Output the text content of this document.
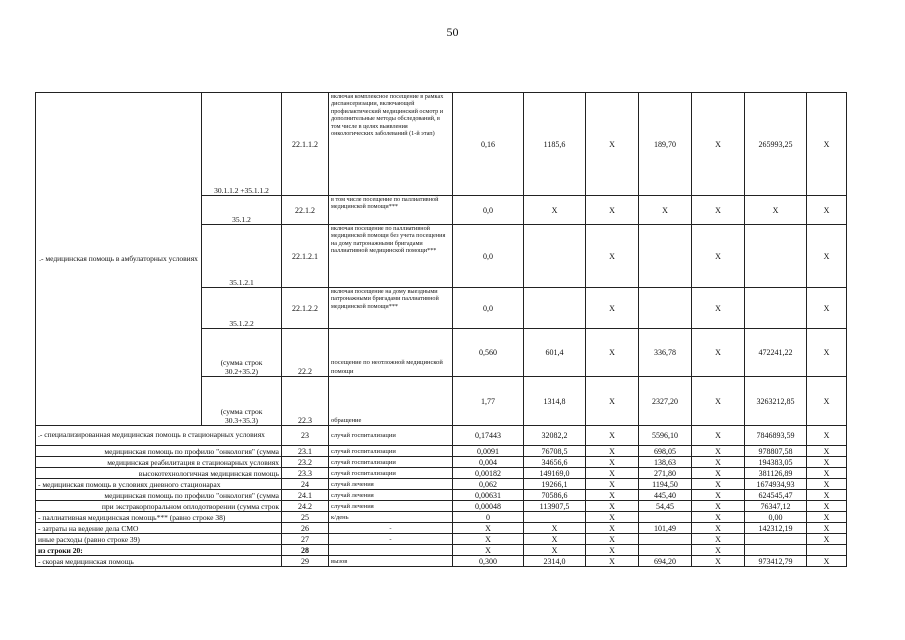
50
.- медицинская помощь в амбулаторных условиях	30.1.1.2 +35.1.1.2	22.1.1.2	включая комплексное посещение в рамках диспансеризации, включающей профилактический медицинский осмотр и дополнительные методы обследований, в том числе в целях выявления онкологических заболеваний (1-й этап)	0,16	1185,6	X	189,70	X	265993,25	X
	35.1.2	22.1.2	в том числе посещение по паллиативной медицинской помощи***	0,0	X	X	X	X	X	X
	35.1.2.1	22.1.2.1	включая посещение по паллиативной медицинской помощи без учета посещения на дому патронажными бригадами паллиативной медицинской помощи***	0,0		X		X		X
	35.1.2.2	22.1.2.2	включая посещение на дому выездными патронажными бригадами паллиативной медицинской помощи***	0,0		X		X		X
	(сумма строк 30.2+35.2)	22.2	посещение по неотложной медицинской помощи	0,560	601,4	X	336,78	X	472241,22	X
	(сумма строк 30.3+35.3)	22.3	обращение	1,77	1314,8	X	2327,20	X	3263212,85	X
.- специализированная медицинская помощь в стационарных условиях		23	случай госпитализации	0,17443	32082,2	X	5596,10	X	7846893,59	X
медицинская помощь по профилю "онкология" (сумма		23.1	случай госпитализации	0,0091	76708,5	X	698,05	X	978807,58	X
медицинская реабилитация в стационарных условиях		23.2	случай госпитализации	0,004	34656,6	X	138,63	X	194383,05	X
высокотехнологичная медицинская помощь		23.3	случай госпитализации	0,00182	149169,0	X	271,80	X	381126,89	X
- медицинская помощь в условиях дневного стационарах		24	случай лечения	0,062	19266,1	X	1194,50	X	1674934,93	X
медицинская помощь по профилю "онкология" (сумма		24.1	случай лечения	0,00631	70586,6	X	445,40	X	624545,47	X
при экстракорпоральном оплодотворении (сумма строк		24.2	случай лечения	0,00048	113907,5	X	54,45	X	76347,12	X
- паллиативная медицинская помощь*** (равно строке 38)		25	к/день	0		X		X	0,00	X
- затраты на ведение дела СМО		26	-	X	X	X	101,49	X	142312,19	X
иные расходы (равно строке 39)		27	-	X	X	X		X		X
из строки 20:		28		X	X	X		X		
- скорая медицинская помощь		29	вызов	0,300	2314,0	X	694,20	X	973412,79	X
